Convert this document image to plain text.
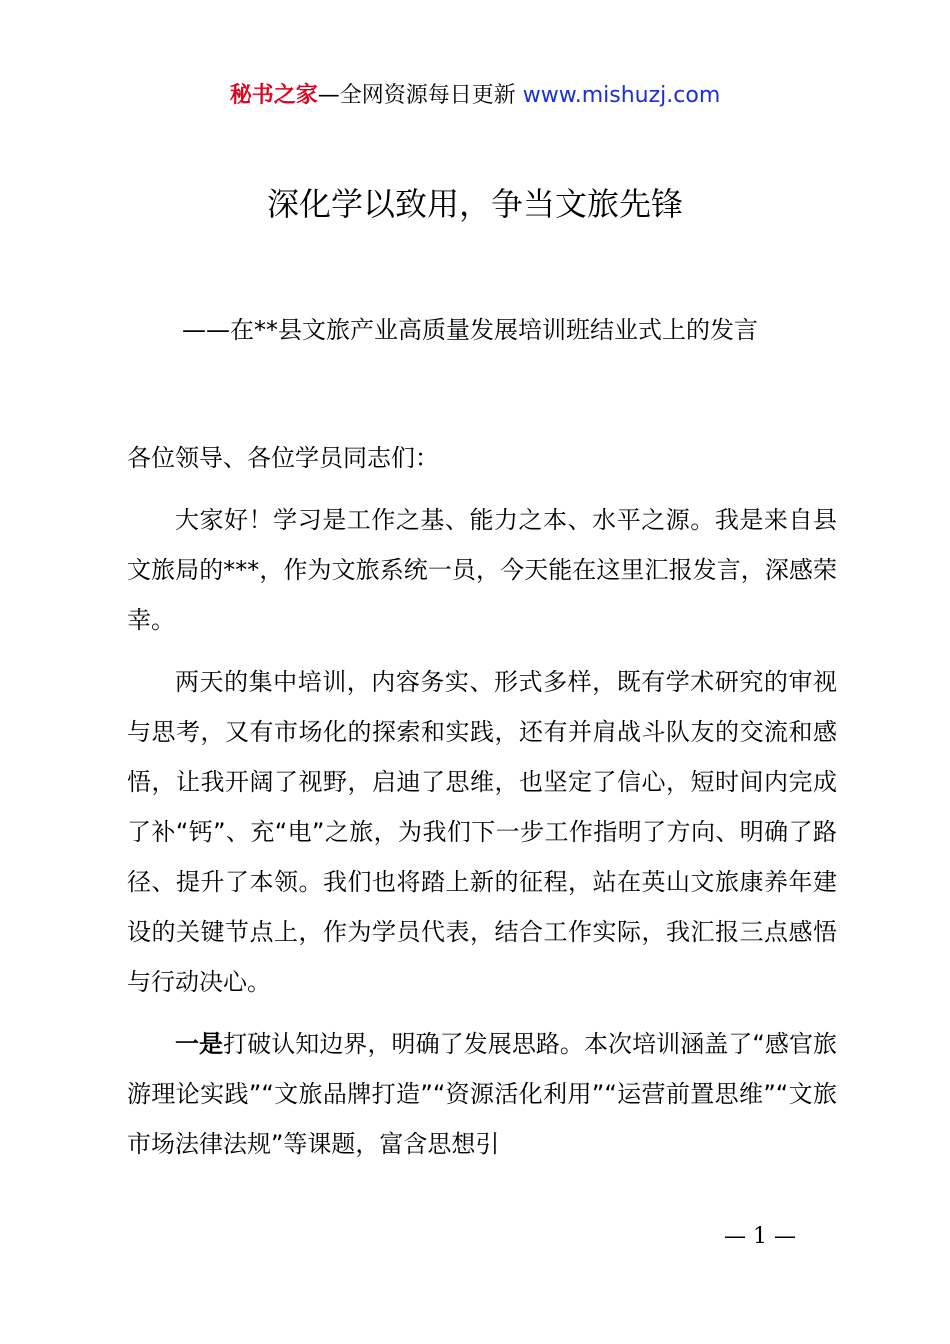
秘书之家—全网资源每日更新 www.mishuzj.com
深化学以致用，争当文旅先锋
——在**县文旅产业高质量发展培训班结业式上的发言

各位领导、各位学员同志们：

大家好！学习是工作之基、能力之本、水平之源。我是来自县文旅局的***，作为文旅系统一员，今天能在这里汇报发言，深感荣幸。

两天的集中培训，内容务实、形式多样，既有学术研究的审视与思考，又有市场化的探索和实践，还有并肩战斗队友的交流和感悟，让我开阔了视野，启迪了思维，也坚定了信心，短时间内完成了补“钙”、充“电”之旅，为我们下一步工作指明了方向、明确了路径、提升了本领。我们也将踏上新的征程，站在英山文旅康养年建设的关键节点上，作为学员代表，结合工作实际，我汇报三点感悟与行动决心。

一是打破认知边界，明确了发展思路。本次培训涵盖了“感官旅游理论实践”“文旅品牌打造”“资源活化利用”“运营前置思维”“文旅市场法律法规”等课题，富含思想引

— 1 —
